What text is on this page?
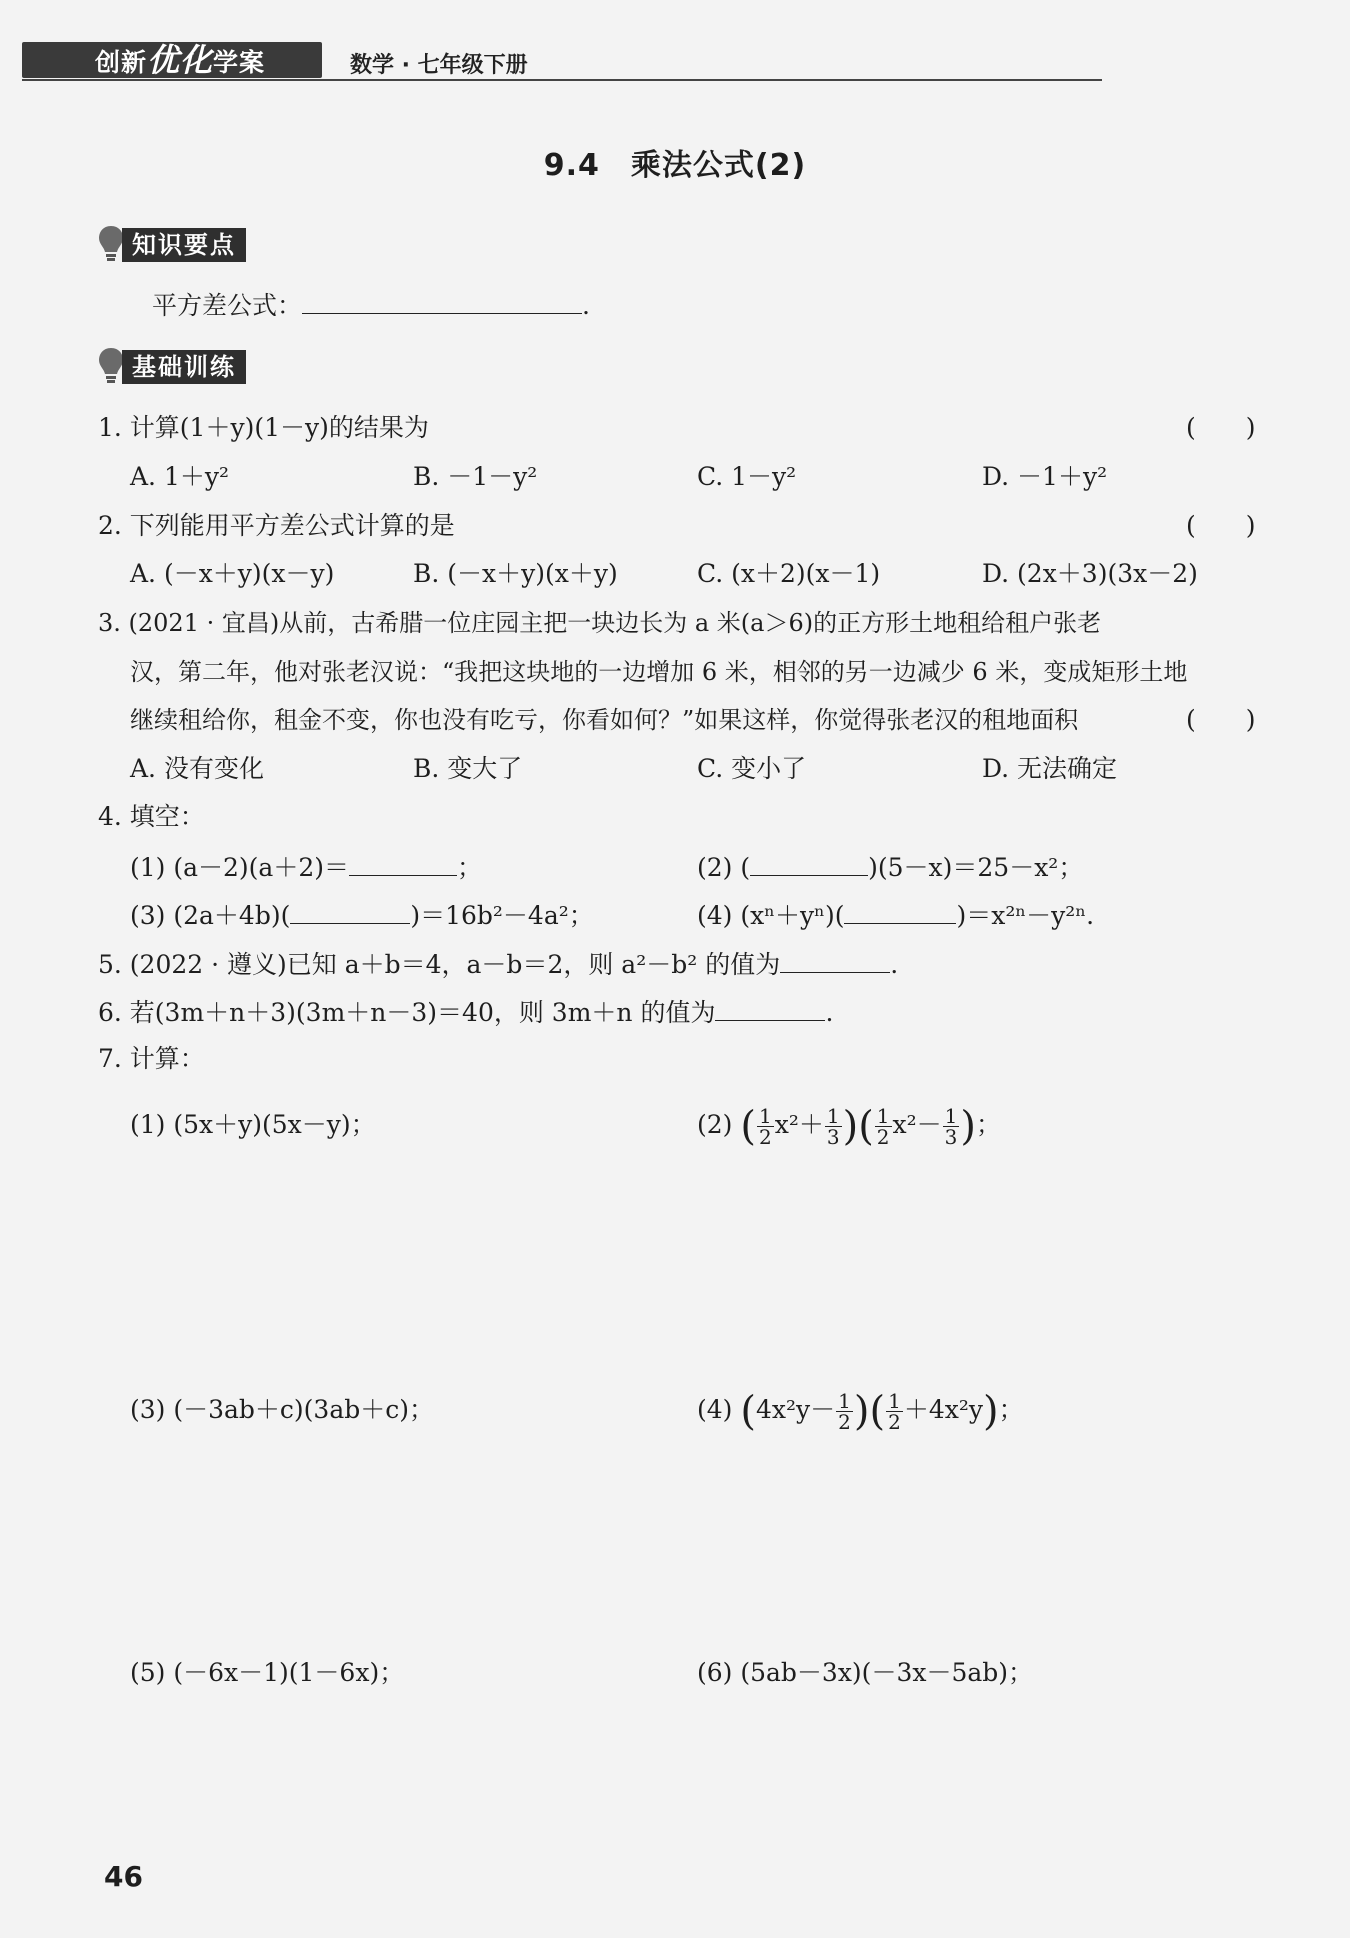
创新优化学案	数学 · 七年级下册
9.4　乘法公式(2)
知识要点
平方差公式：	.
基础训练
1. 计算(1＋y)(1－y)的结果为	(　　)
A. 1＋y²	B. －1－y²	C. 1－y²	D. －1＋y²
2. 下列能用平方差公式计算的是	(　　)
A. (－x＋y)(x－y)	B. (－x＋y)(x＋y)	C. (x＋2)(x－1)	D. (2x＋3)(3x－2)
3. (2021 · 宜昌)从前，古希腊一位庄园主把一块边长为 a 米(a＞6)的正方形土地租给租户张老
汉，第二年，他对张老汉说：“我把这块地的一边增加 6 米，相邻的另一边减少 6 米，变成矩形土地
继续租给你，租金不变，你也没有吃亏，你看如何？”如果这样，你觉得张老汉的租地面积	(　　)
A. 没有变化	B. 变大了	C. 变小了	D. 无法确定
4. 填空：
(1) (a－2)(a＋2)＝	；	(2) (	)(5－x)＝25－x²；
(3) (2a＋4b)(	)＝16b²－4a²；	(4) (xⁿ＋yⁿ)(	)＝x²ⁿ－y²ⁿ.
5. (2022 · 遵义)已知 a＋b＝4，a－b＝2，则 a²－b² 的值为	.
6. 若(3m＋n＋3)(3m＋n－3)＝40，则 3m＋n 的值为	.
7. 计算：
(1) (5x＋y)(5x－y)；	(2) ( $\frac{1}{2} x^2+ \frac{1}{3}$ )( $\frac{1}{2} x^2- \frac{1}{3}$ )；
(3) (－3ab＋c)(3ab＋c)；	(4) ($4x^2y- \frac{1}{2}$ )( $\frac{1}{2} +4x^2y$)；
(5) (－6x－1)(1－6x)；	(6) (5ab－3x)(－3x－5ab)；
46
